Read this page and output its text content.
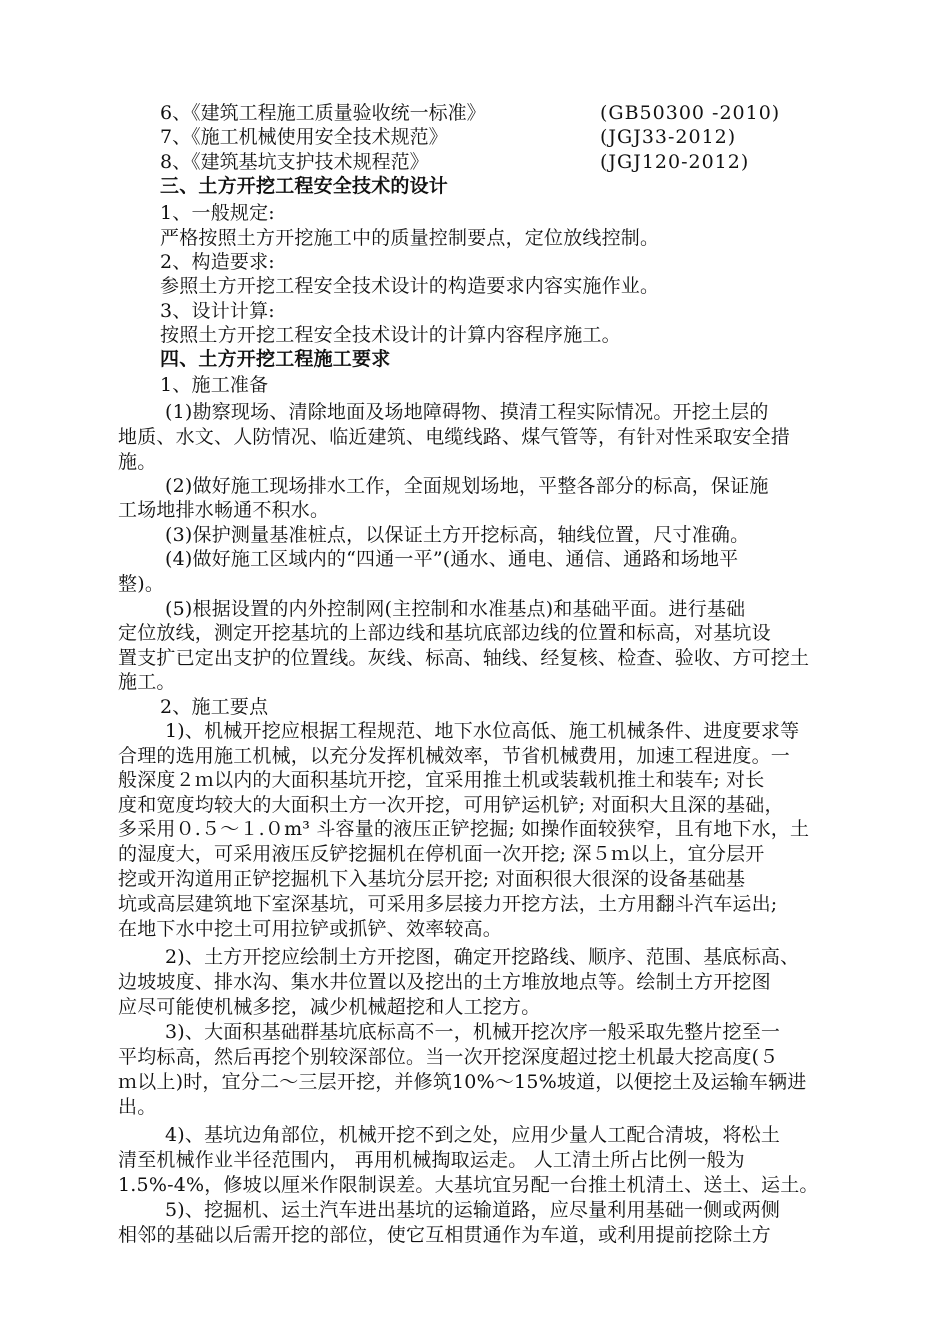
6、《建筑工程施工质量验收统一标准》	(GB50300 -2010)
7、《施工机械使用安全技术规范》	(JGJ33-2012)
8、《建筑基坑支护技术规程范》	(JGJ120-2012)
三、土方开挖工程安全技术的设计
1、一般规定:
严格按照土方开挖施工中的质量控制要点，定位放线控制。
2、构造要求:
参照土方开挖工程安全技术设计的构造要求内容实施作业。
3、设计计算:
按照土方开挖工程安全技术设计的计算内容程序施工。
四、土方开挖工程施工要求
1、施工准备
(1)勘察现场、清除地面及场地障碍物、摸清工程实际情况。开挖土层的
地质、水文、人防情况、临近建筑、电缆线路、煤气管等，有针对性采取安全措
施。
(2)做好施工现场排水工作，全面规划场地，平整各部分的标高，保证施
工场地排水畅通不积水。
(3)保护测量基准桩点，以保证土方开挖标高，轴线位置，尺寸准确。
(4)做好施工区域内的“四通一平”(通水、通电、通信、通路和场地平
整)。
(5)根据设置的内外控制网(主控制和水准基点)和基础平面。进行基础
定位放线，测定开挖基坑的上部边线和基坑底部边线的位置和标高，对基坑设
置支扩已定出支护的位置线。灰线、标高、轴线、经复核、检查、验收、方可挖土
施工。
2、施工要点
1)、机械开挖应根据工程规范、地下水位高低、施工机械条件、进度要求等
合理的选用施工机械，以充分发挥机械效率，节省机械费用，加速工程进度。一
般深度２ｍ以内的大面积基坑开挖，宜采用推土机或装载机推土和装车; 对长
度和宽度均较大的大面积土方一次开挖，可用铲运机铲; 对面积大且深的基础，
多采用０.５～１.０m³ 斗容量的液压正铲挖掘; 如操作面较狭窄，且有地下水，土
的湿度大，可采用液压反铲挖掘机在停机面一次开挖; 深５ｍ以上，宜分层开
挖或开沟道用正铲挖掘机下入基坑分层开挖; 对面积很大很深的设备基础基
坑或高层建筑地下室深基坑，可采用多层接力开挖方法，土方用翻斗汽车运出;
在地下水中挖土可用拉铲或抓铲、效率较高。
2)、土方开挖应绘制土方开挖图，确定开挖路线、顺序、范围、基底标高、
边坡坡度、排水沟、集水井位置以及挖出的土方堆放地点等。绘制土方开挖图
应尽可能使机械多挖，减少机械超挖和人工挖方。
3)、大面积基础群基坑底标高不一，机械开挖次序一般采取先整片挖至一
平均标高，然后再挖个别较深部位。当一次开挖深度超过挖土机最大挖高度(５
ｍ以上)时，宜分二～三层开挖，并修筑10%～15%坡道，以便挖土及运输车辆进
出。
4)、基坑边角部位，机械开挖不到之处，应用少量人工配合清坡，将松土
清至机械作业半径范围内， 再用机械掏取运走。 人工清土所占比例一般为
1.5%-4%，修坡以厘米作限制误差。大基坑宜另配一台推土机清土、送土、运土。
5)、挖掘机、运土汽车进出基坑的运输道路，应尽量利用基础一侧或两侧
相邻的基础以后需开挖的部位，使它互相贯通作为车道，或利用提前挖除土方
